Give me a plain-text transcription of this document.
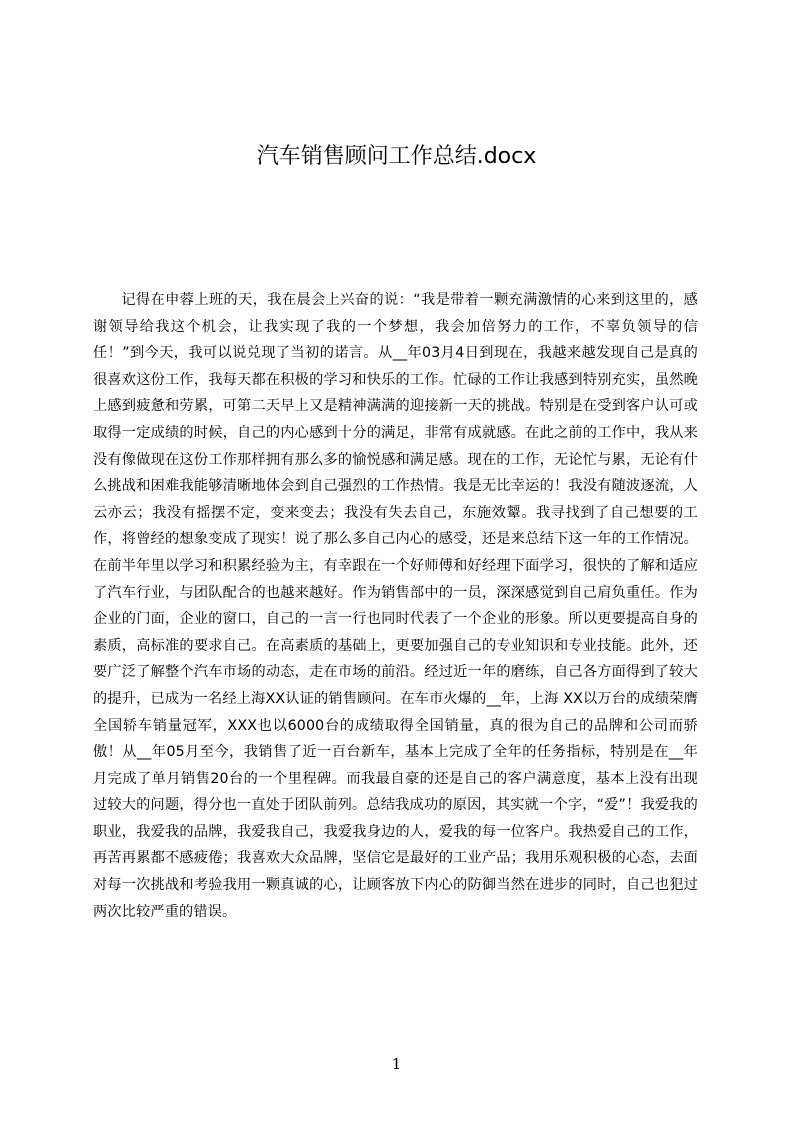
汽车销售顾问工作总结.docx

记得在申蓉上班的天，我在晨会上兴奋的说：“我是带着一颗充满激情的心来到这里的，感谢领导给我这个机会，让我实现了我的一个梦想，我会加倍努力的工作，不辜负领导的信任！”到今天，我可以说兑现了当初的诺言。从__年03月4日到现在，我越来越发现自己是真的很喜欢这份工作，我每天都在积极的学习和快乐的工作。忙碌的工作让我感到特别充实，虽然晚上感到疲惫和劳累，可第二天早上又是精神满满的迎接新一天的挑战。特别是在受到客户认可或取得一定成绩的时候，自己的内心感到十分的满足，非常有成就感。在此之前的工作中，我从来没有像做现在这份工作那样拥有那么多的愉悦感和满足感。现在的工作，无论忙与累，无论有什么挑战和困难我能够清晰地体会到自己强烈的工作热情。我是无比幸运的！我没有随波逐流，人云亦云；我没有摇摆不定，变来变去；我没有失去自己，东施效颦。我寻找到了自己想要的工作，将曾经的想象变成了现实！说了那么多自己内心的感受，还是来总结下这一年的工作情况。在前半年里以学习和积累经验为主，有幸跟在一个好师傅和好经理下面学习，很快的了解和适应了汽车行业，与团队配合的也越来越好。作为销售部中的一员，深深感觉到自己肩负重任。作为企业的门面，企业的窗口，自己的一言一行也同时代表了一个企业的形象。所以更要提高自身的素质，高标准的要求自己。在高素质的基础上，更要加强自己的专业知识和专业技能。此外，还要广泛了解整个汽车市场的动态，走在市场的前沿。经过近一年的磨练，自己各方面得到了较大的提升，已成为一名经上海XX认证的销售顾问。在车市火爆的__年，上海 XX以万台的成绩荣膺全国轿车销量冠军，XXX也以6000台的成绩取得全国销量，真的很为自己的品牌和公司而骄傲！从__年05月至今，我销售了近一百台新车，基本上完成了全年的任务指标，特别是在__年月完成了单月销售20台的一个里程碑。而我最自豪的还是自己的客户满意度，基本上没有出现过较大的问题，得分也一直处于团队前列。总结我成功的原因，其实就一个字，“爱”！我爱我的职业，我爱我的品牌，我爱我自己，我爱我身边的人，爱我的每一位客户。我热爱自己的工作，再苦再累都不感疲倦；我喜欢大众品牌，坚信它是最好的工业产品；我用乐观积极的心态，去面对每一次挑战和考验我用一颗真诚的心，让顾客放下内心的防御当然在进步的同时，自己也犯过两次比较严重的错误。

1
